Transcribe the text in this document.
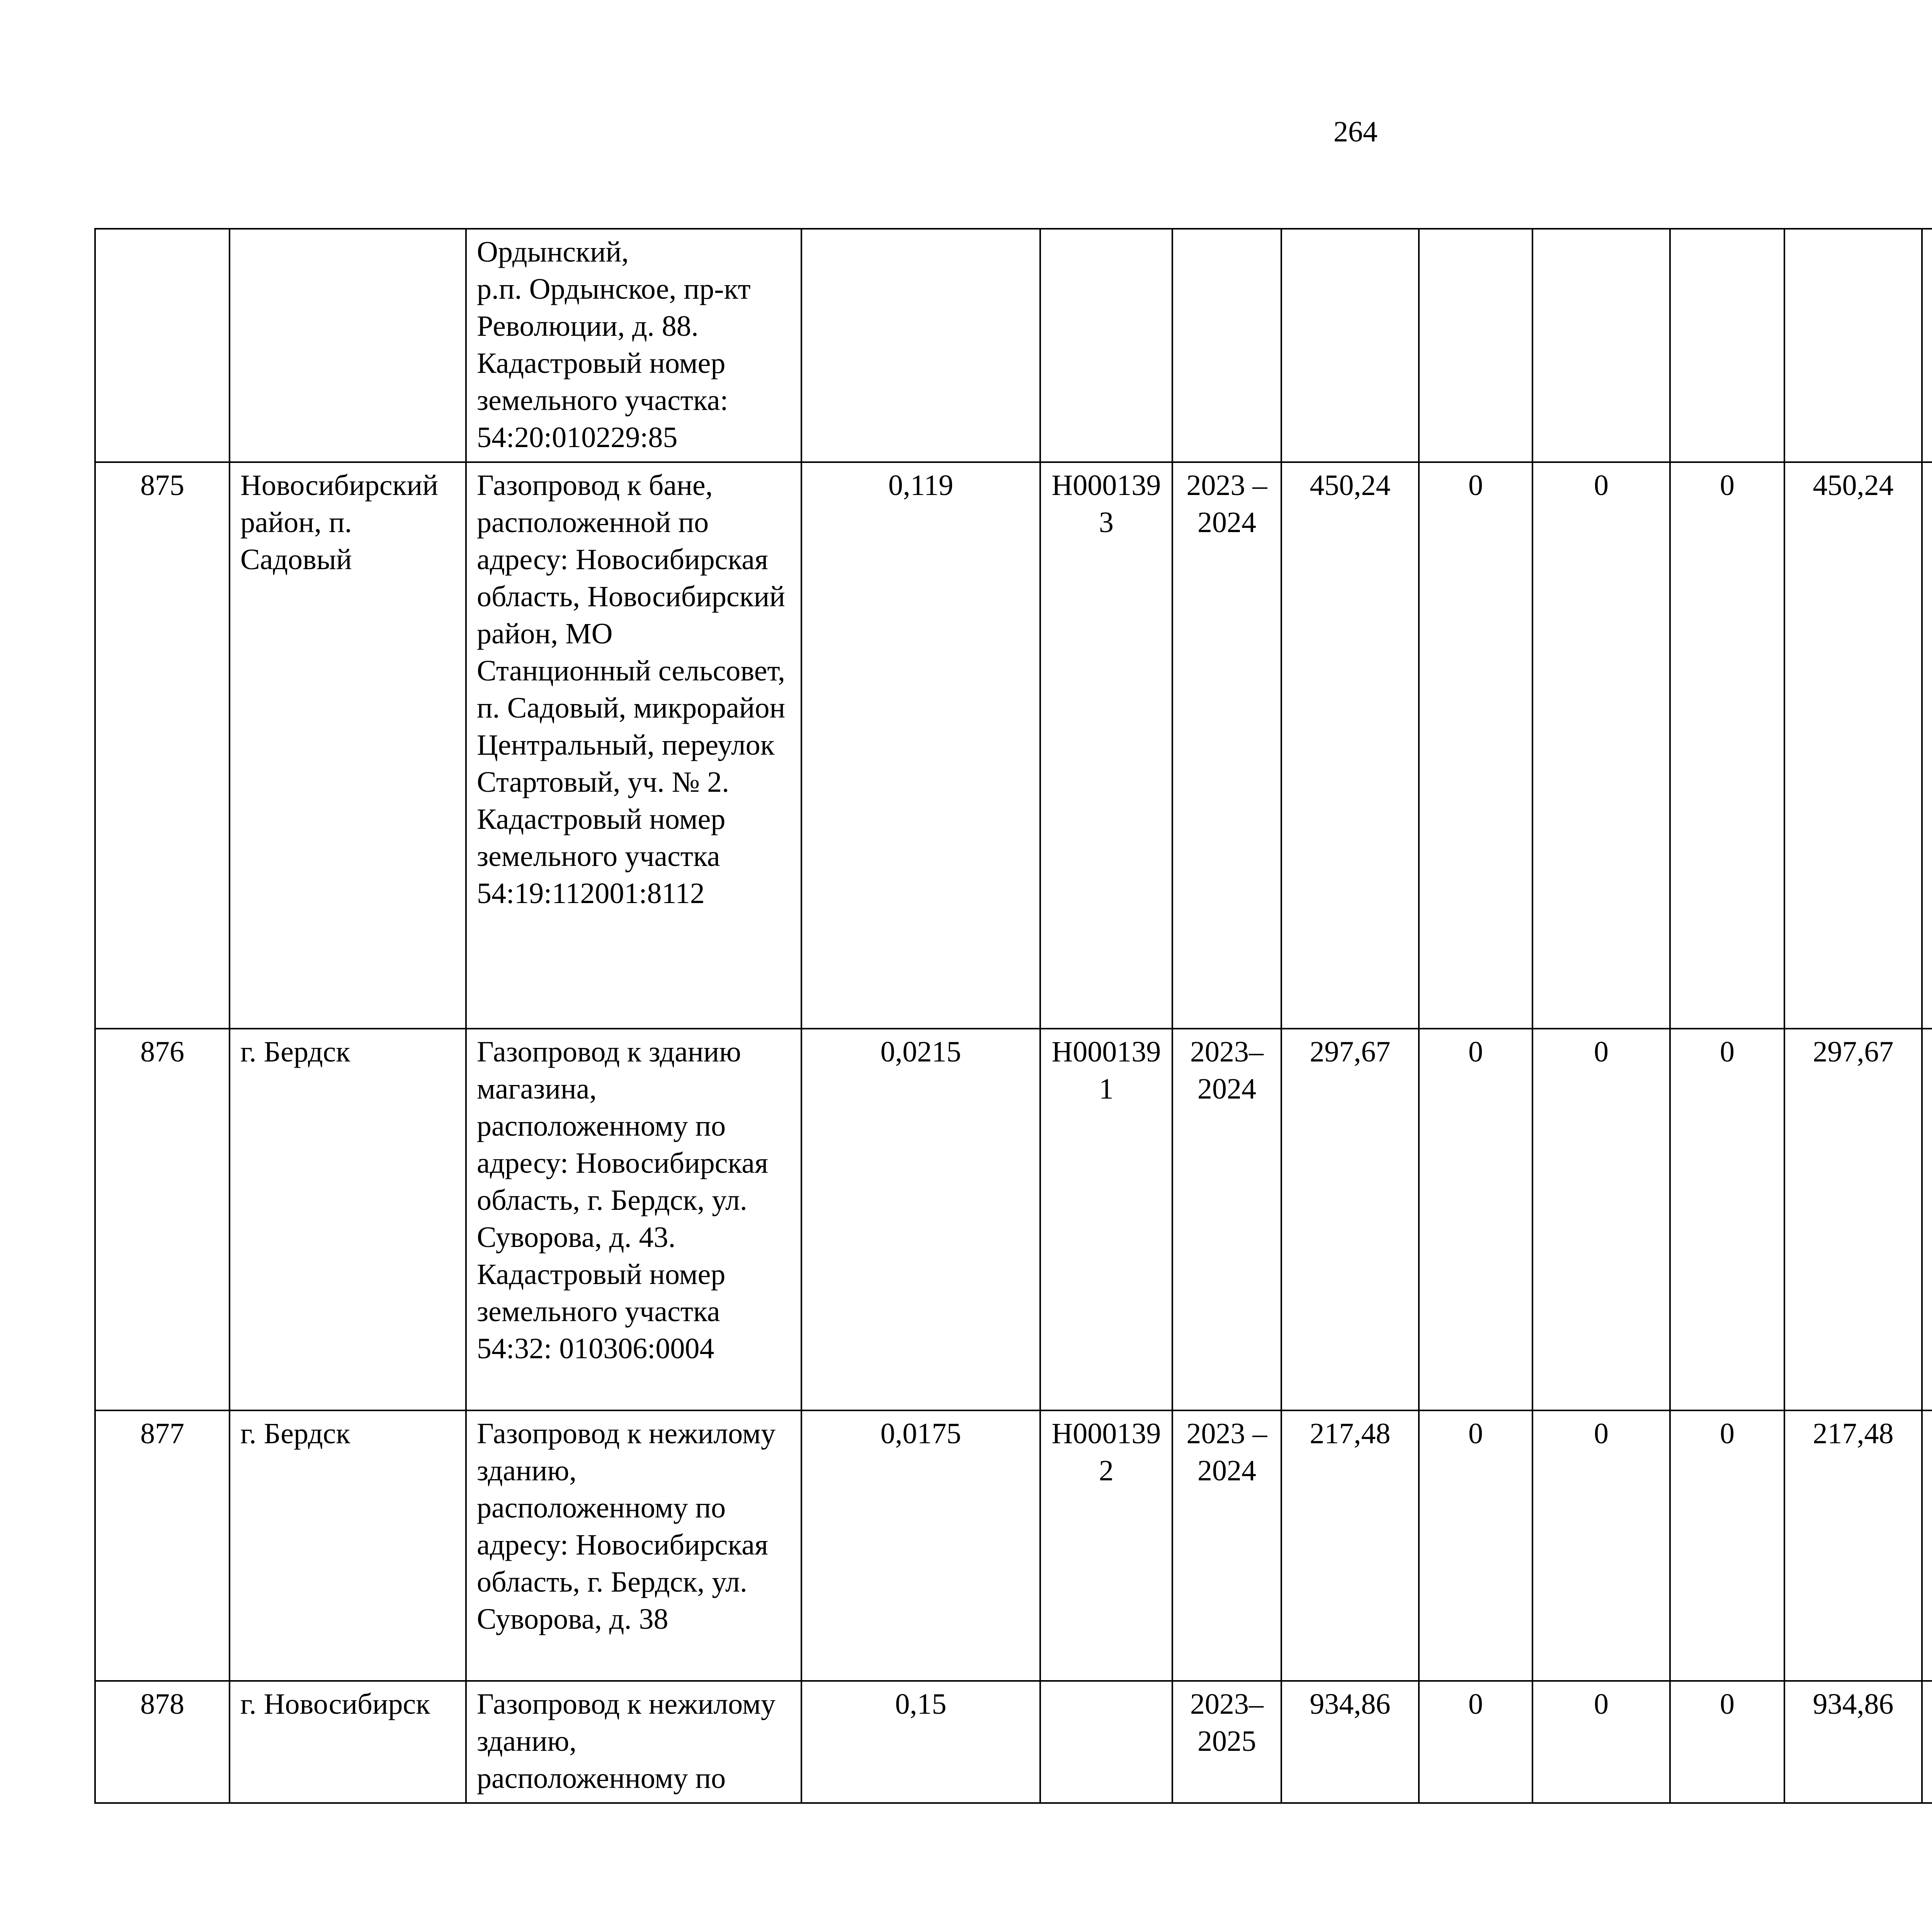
264
		Ордынский,
р.п. Ордынское, пр-кт Революции, д. 88. Кадастровый номер земельного участка: 54:20:010229:85											
875	Новосибирский район, п. Садовый	Газопровод к бане, расположенной по адресу: Новосибирская область, Новосибирский район, МО Станционный сельсовет, п. Садовый, микрорайон Центральный, переулок Стартовый, уч. № 2. Кадастровый номер земельного участка 54:19:112001:8112	0,119	Н0001393	2023 – 2024	450,24	0	0	0	450,24			
876	г. Бердск	Газопровод к зданию магазина, расположенному по адресу: Новосибирская область, г. Бердск, ул. Суворова, д. 43. Кадастровый номер земельного участка 54:32: 010306:0004	0,0215	Н0001391	2023– 2024	297,67	0	0	0	297,67			
877	г. Бердск	Газопровод к нежилому зданию, расположенному по адресу: Новосибирская область, г. Бердск, ул. Суворова, д. 38	0,0175	Н0001392	2023 – 2024	217,48	0	0	0	217,48			
878	г. Новосибирск	Газопровод к нежилому зданию, расположенному по	0,15		2023– 2025	934,86	0	0	0	934,86			
